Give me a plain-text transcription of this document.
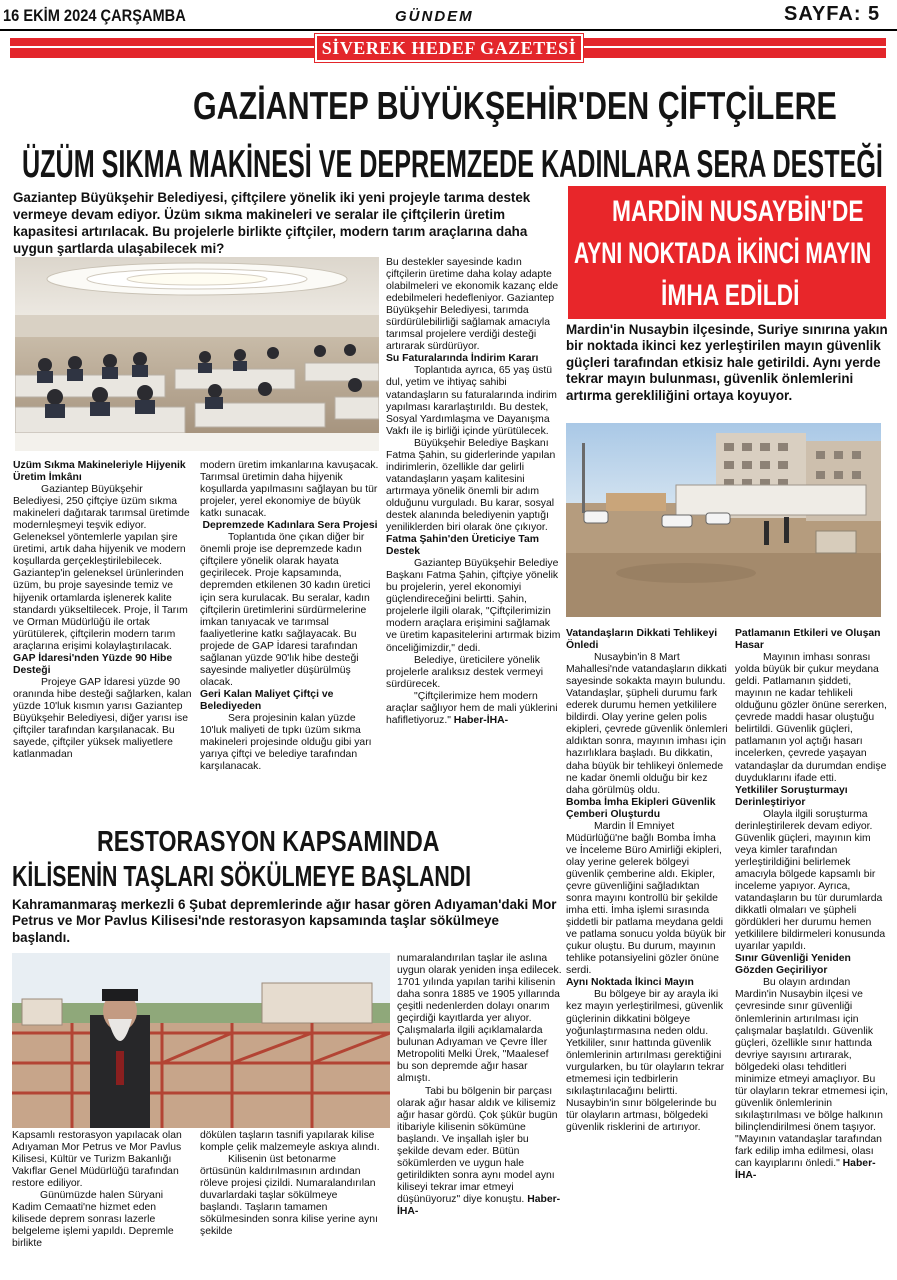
16 EKİM 2024 ÇARŞAMBA	GÜNDEM	SAYFA: 5
SİVEREK HEDEF GAZETESİ
GAZİANTEP BÜYÜKŞEHİR'DEN ÇİFTÇİLERE
ÜZÜM SIKMA MAKİNESİ VE DEPREMZEDE KADINLARA SERA DESTEĞİ
Gaziantep Büyükşehir Belediyesi, çiftçilere yönelik iki yeni projeyle tarıma destek vermeye devam ediyor. Üzüm sıkma makineleri ve seralar ile çiftçilerin üretim kapasitesi artırılacak. Bu projelerle birlikte çiftçiler, modern tarım araçlarına daha uygun şartlarda ulaşabilecek mi?
Üzüm Sıkma Makineleriyle Hijyenik Üretim İmkânı

Gaziantep Büyükşehir Belediyesi, 250 çiftçiye üzüm sıkma makineleri dağıtarak tarımsal üretimde modernleşmeyi teşvik ediyor. Geleneksel yöntemlerle yapılan şire üretimi, artık daha hijyenik ve modern koşullarda gerçekleştirilebilecek. Gaziantep'in geleneksel ürünlerinden üzüm, bu proje sayesinde temiz ve hijyenik ortamlarda işlenerek kalite standardı yükseltilecek. Proje, İl Tarım ve Orman Müdürlüğü ile ortak yürütülerek, çiftçilerin modern tarım araçlarına erişimi kolaylaştırılacak.

GAP İdaresi'nden Yüzde 90 Hibe Desteği

Projeye GAP İdaresi yüzde 90 oranında hibe desteği sağlarken, kalan yüzde 10'luk kısmın yarısı Gaziantep Büyükşehir Belediyesi, diğer yarısı ise çiftçiler tarafından karşılanacak. Bu sayede, çiftçiler yüksek maliyetlere katlanmadan

modern üretim imkanlarına kavuşacak. Tarımsal üretimin daha hijyenik koşullarda yapılmasını sağlayan bu tür projeler, yerel ekonomiye de büyük katkı sunacak.

Depremzede Kadınlara Sera Projesi

Toplantıda öne çıkan diğer bir önemli proje ise depremzede kadın çiftçilere yönelik olarak hayata geçirilecek. Proje kapsamında, depremden etkilenen 30 kadın üretici için sera kurulacak. Bu seralar, kadın çiftçilerin üretimlerini sürdürmelerine imkan tanıyacak ve tarımsal faaliyetlerine katkı sağlayacak. Bu projede de GAP İdaresi tarafından sağlanan yüzde 90'lık hibe desteği sayesinde maliyetler düşürülmüş olacak.

Geri Kalan Maliyet Çiftçi ve Belediyeden

Sera projesinin kalan yüzde 10'luk maliyeti de tıpkı üzüm sıkma makineleri projesinde olduğu gibi yarı yarıya çiftçi ve belediye tarafından karşılanacak.

Bu destekler sayesinde kadın çiftçilerin üretime daha kolay adapte olabilmeleri ve ekonomik kazanç elde edebilmeleri hedefleniyor. Gaziantep Büyükşehir Belediyesi, tarımda sürdürülebilirliği sağlamak amacıyla tarımsal projelere verdiği desteği artırarak sürdürüyor.

Su Faturalarında İndirim Kararı

Toplantıda ayrıca, 65 yaş üstü dul, yetim ve ihtiyaç sahibi vatandaşların su faturalarında indirim yapılması kararlaştırıldı. Bu destek, Sosyal Yardımlaşma ve Dayanışma Vakfı ile iş birliği içinde yürütülecek.

Büyükşehir Belediye Başkanı Fatma Şahin, su giderlerinde yapılan indirimlerin, özellikle dar gelirli vatandaşların yaşam kalitesini artırmaya yönelik önemli bir adım olduğunu vurguladı. Bu karar, sosyal destek alanında belediyenin yaptığı yeniliklerden biri olarak öne çıkıyor.

Fatma Şahin'den Üreticiye Tam Destek

Gaziantep Büyükşehir Belediye Başkanı Fatma Şahin, çiftçiye yönelik bu projelerin, yerel ekonomiyi güçlendireceğini belirtti. Şahin, projelerle ilgili olarak, "Çiftçilerimizin modern araçlara erişimini sağlamak ve üretim kapasitelerini artırmak bizim önceliğimizdir," dedi.

Belediye, üreticilere yönelik projelerle aralıksız destek vermeyi sürdürecek.

"Çiftçilerimize hem modern araçlar sağlıyor hem de mali yüklerini hafifletiyoruz." Haber-İHA-

MARDİN NUSAYBİN'DE
AYNI NOKTADA İKİNCİ MAYIN
İMHA EDİLDİ
Mardin'in Nusaybin ilçesinde, Suriye sınırına yakın bir noktada ikinci kez yerleştirilen mayın güvenlik güçleri tarafından etkisiz hale getirildi. Aynı yerde tekrar mayın bulunması, güvenlik önlemlerini artırma gerekliliğini ortaya koyuyor.
Vatandaşların Dikkati Tehlikeyi Önledi

Nusaybin'in 8 Mart Mahallesi'nde vatandaşların dikkati sayesinde sokakta mayın bulundu. Vatandaşlar, şüpheli durumu fark ederek durumu hemen yetkililere bildirdi. Olay yerine gelen polis ekipleri, çevrede güvenlik önlemleri aldıktan sonra, mayının imhası için hazırlıklara başladı. Bu dikkatin, daha büyük bir tehlikeyi önlemede ne kadar önemli olduğu bir kez daha görülmüş oldu.

Bomba İmha Ekipleri Güvenlik Çemberi Oluşturdu

Mardin İl Emniyet Müdürlüğü'ne bağlı Bomba İmha ve İnceleme Büro Amirliği ekipleri, olay yerine gelerek bölgeyi güvenlik çemberine aldı. Ekipler, çevre güvenliğini sağladıktan sonra mayını kontrollü bir şekilde imha etti. İmha işlemi sırasında şiddetli bir patlama meydana geldi ve patlama sonucu yolda büyük bir çukur oluştu. Bu durum, mayının tehlike potansiyelini gözler önüne serdi.

Aynı Noktada İkinci Mayın

Bu bölgeye bir ay arayla iki kez mayın yerleştirilmesi, güvenlik güçlerinin dikkatini bölgeye yoğunlaştırmasına neden oldu. Yetkililer, sınır hattında güvenlik önlemlerinin artırılması gerektiğini vurgularken, bu tür olayların tekrar etmemesi için tedbirlerin sıkılaştırılacağını belirtti. Nusaybin'in sınır bölgelerinde bu tür olayların artması, bölgedeki güvenlik risklerini de artırıyor.

Patlamanın Etkileri ve Oluşan Hasar

Mayının imhası sonrası yolda büyük bir çukur meydana geldi. Patlamanın şiddeti, mayının ne kadar tehlikeli olduğunu gözler önüne sererken, çevrede maddi hasar oluştuğu belirtildi. Güvenlik güçleri, patlamanın yol açtığı hasarı incelerken, çevrede yaşayan vatandaşlar da durumdan endişe duyduklarını ifade etti.

Yetkililer Soruşturmayı Derinleştiriyor

Olayla ilgili soruşturma derinleştirilerek devam ediyor. Güvenlik güçleri, mayının kim veya kimler tarafından yerleştirildiğini belirlemek amacıyla bölgede kapsamlı bir inceleme yapıyor. Ayrıca, vatandaşların bu tür durumlarda dikkatli olmaları ve şüpheli gördükleri her durumu hemen yetkililere bildirmeleri konusunda uyarılar yapıldı.

Sınır Güvenliği Yeniden Gözden Geçiriliyor

Bu olayın ardından Mardin'in Nusaybin ilçesi ve çevresinde sınır güvenliği önlemlerinin artırılması için çalışmalar başlatıldı. Güvenlik güçleri, özellikle sınır hattında devriye sayısını artırarak, bölgedeki olası tehditleri minimize etmeyi amaçlıyor. Bu tür olayların tekrar etmemesi için, güvenlik önlemlerinin sıkılaştırılması ve bölge halkının bilinçlendirilmesi önem taşıyor.

"Mayının vatandaşlar tarafından fark edilip imha edilmesi, olası can kayıplarını önledi." Haber-İHA-

RESTORASYON KAPSAMINDA
KİLİSENİN TAŞLARI SÖKÜLMEYE BAŞLANDI
Kahramanmaraş merkezli 6 Şubat depremlerinde ağır hasar gören Adıyaman'daki Mor Petrus ve Mor Pavlus Kilisesi'nde restorasyon kapsamında taşlar sökülmeye başlandı.

Kapsamlı restorasyon yapılacak olan Adıyaman Mor Petrus ve Mor Pavlus Kilisesi, Kültür ve Turizm Bakanlığı Vakıflar Genel Müdürlüğü tarafından restore ediliyor.

Günümüzde halen Süryani Kadim Cemaati'ne hizmet eden kilisede deprem sonrası lazerle belgeleme işlemi yapıldı. Depremle birlikte

dökülen taşların tasnifi yapılarak kilise komple çelik malzemeyle askıya alındı.

Kilisenin üst betonarme örtüsünün kaldırılmasının ardından röleve projesi çizildi. Numaralandırılan duvarlardaki taşlar sökülmeye başlandı. Taşların tamamen sökülmesinden sonra kilise yerine aynı şekilde

numaralandırılan taşlar ile aslına uygun olarak yeniden inşa edilecek. 1701 yılında yapılan tarihi kilisenin daha sonra 1885 ve 1905 yıllarında çeşitli nedenlerden dolayı onarım geçirdiği kayıtlarda yer alıyor.

Çalışmalarla ilgili açıklamalarda bulunan Adıyaman ve Çevre İller Metropoliti Melki Ürek, "Maalesef bu son depremde ağır hasar almıştı.

Tabi bu bölgenin bir parçası olarak ağır hasar aldık ve kilisemiz ağır hasar gördü. Çok şükür bugün itibariyle kilisenin sökümüne başlandı. Ve inşallah işler bu şekilde devam eder. Bütün sökümlerden ve uygun hale getirildikten sonra aynı model aynı kiliseyi tekrar imar etmeyi düşünüyoruz" diye konuştu. Haber-İHA-
